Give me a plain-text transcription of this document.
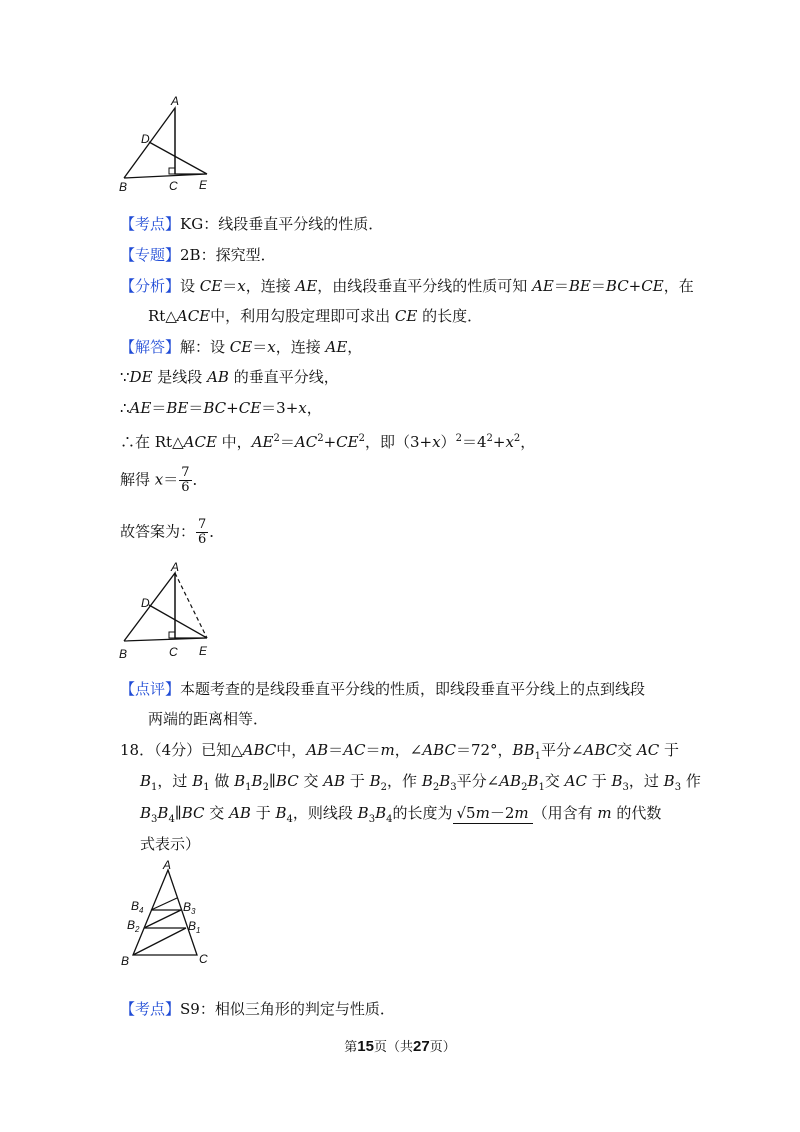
A
D
B	C E
【考点】KG：线段垂直平分线的性质．
【专题】2B：探究型．
【分析】设 CE＝x，连接 AE，由线段垂直平分线的性质可知 AE＝BE＝BC+CE，在
Rt△ACE中，利用勾股定理即可求出 CE 的长度．
【解答】解：设 CE＝x，连接 AE，
∵DE 是线段 AB 的垂直平分线，
∴AE＝BE＝BC+CE＝3+x，
∴在 Rt△ACE 中，$AE^2=AC^2+CE^2$，即$(3+x)^2=4^2+x^2$，
解得 $x= \frac{7}{6}$ ．
故答案为： $\frac{7}{6}$ ．
A
D
B	C E
【点评】本题考查的是线段垂直平分线的性质，即线段垂直平分线上的点到线段
两端的距离相等．
18．（4分）已知△ABC中，AB＝AC＝m，∠ABC＝72°，$BB_1$平分∠ABC交 AC 于
$B_1$，过 $B_1$ 做 $B_1B_2\parallel BC$ 交 AB 于 $B_2$，作 $B_2B_3$平分$\angle AB_2B_1$交 AC 于 $B_3$，过 $B_3$ 作
$B_3B_4\parallel BC$ 交 AB 于 $B_4$，则线段 $B_3B_4$的长度为 √5m－2m （用含有 m 的代数
式表示）
A
$B_4$	$B_3$
$B_2$	$B_1$
B	C
【考点】S9：相似三角形的判定与性质．
第15页（共27页）
